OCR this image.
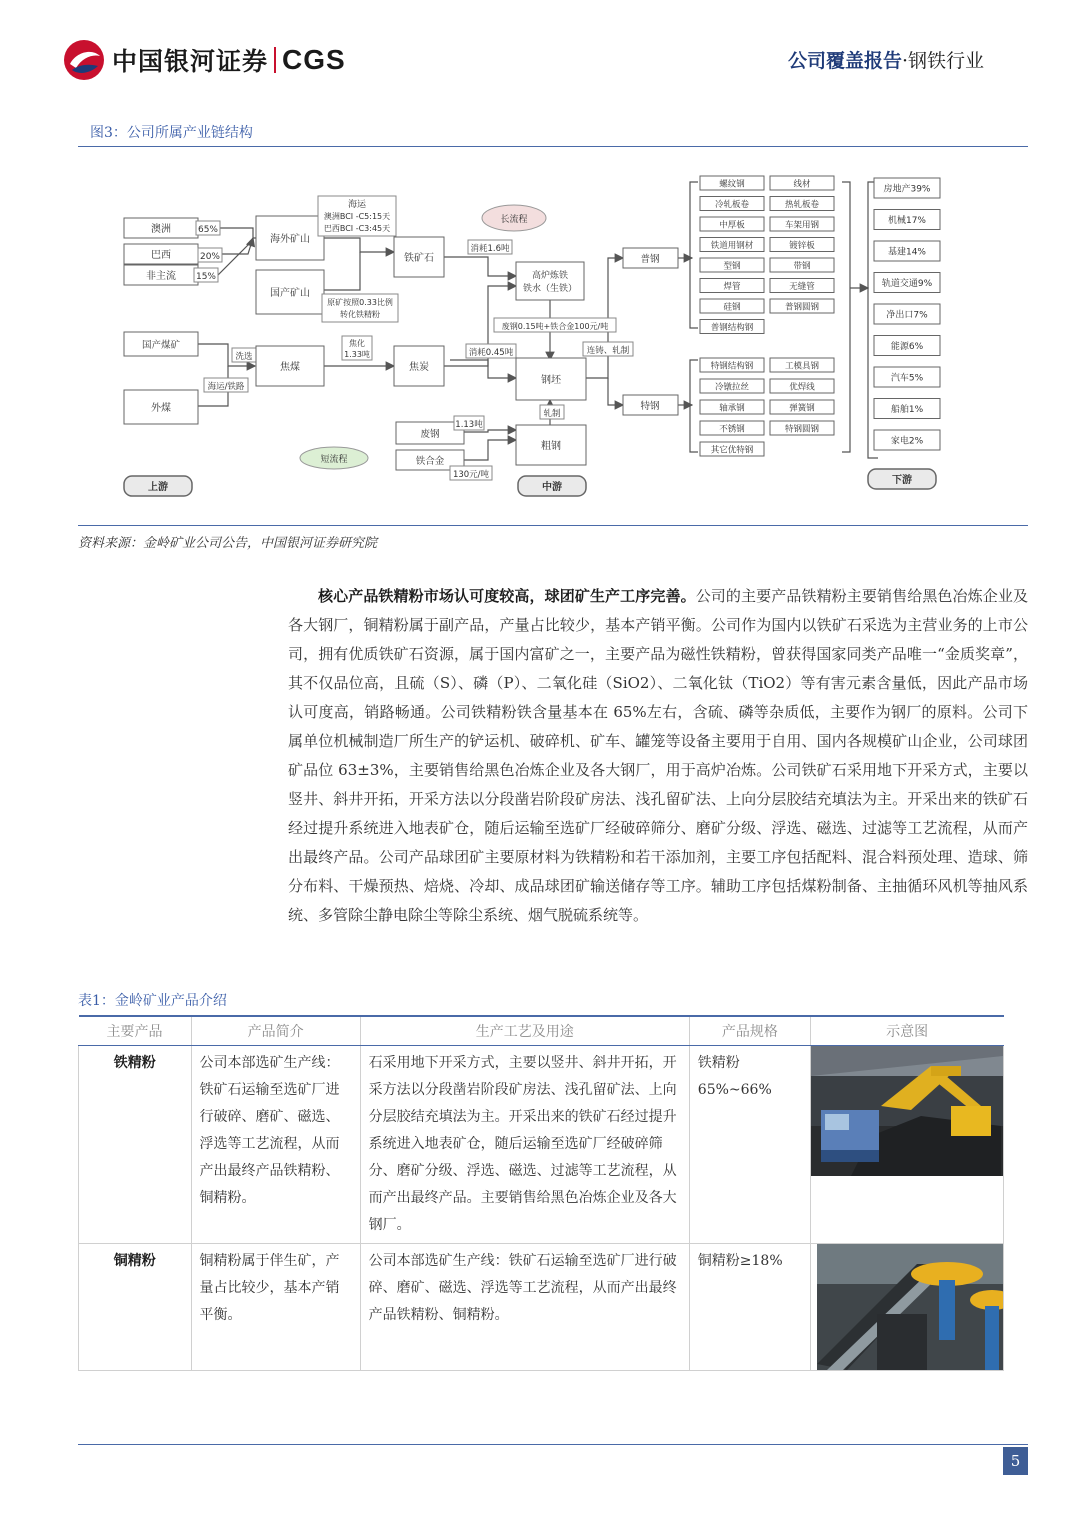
中国银河证券 CGS	公司覆盖报告·钢铁行业
图3：公司所属产业链结构
澳洲
巴西
非主流
65%
20%
15%
海外矿山
国产矿山
海运
澳洲BCI -C5:15天
巴西BCI -C3:45天
原矿按照0.33比例
转化铁精粉
铁矿石
消耗1.6吨
长流程
高炉炼铁
铁水（生铁）
废钢0.15吨+铁合金100元/吨
国产煤矿
外煤
洗选
海运/铁路
焦煤
焦化
1.33吨
焦炭
消耗0.45吨
钢坯
连铸、轧制
轧制
粗钢
废钢
1.13吨
铁合金
130元/吨
短流程
上游	中游
下游
普钢
特钢
螺纹钢	线材
冷轧板卷	热轧板卷
中厚板	车架用钢
铁道用钢材	镀锌板
型钢	带钢
焊管	无缝管
硅钢	普钢圆钢
普钢结构钢
特钢结构钢	工模具钢
冷镦拉丝	优焊线
轴承钢	弹簧钢
不锈钢	特钢圆钢
其它优特钢
房地产39%
机械17%
基建14%
轨道交通9%
净出口7%
能源6%
汽车5%
船舶1%
家电2%
资料来源：金岭矿业公司公告，中国银河证券研究院

核心产品铁精粉市场认可度较高，球团矿生产工序完善。公司的主要产品铁精粉主要销售给黑色冶炼企业及各大钢厂，铜精粉属于副产品，产量占比较少，基本产销平衡。公司作为国内以铁矿石采选为主营业务的上市公司，拥有优质铁矿石资源，属于国内富矿之一，主要产品为磁性铁精粉，曾获得国家同类产品唯一“金质奖章”，其不仅品位高，且硫（S）、磷（P）、二氧化硅（SiO2）、二氧化钛（TiO2）等有害元素含量低，因此产品市场认可度高，销路畅通。公司铁精粉铁含量基本在 65%左右，含硫、磷等杂质低，主要作为钢厂的原料。公司下属单位机械制造厂所生产的铲运机、破碎机、矿车、罐笼等设备主要用于自用、国内各规模矿山企业，公司球团矿品位 63±3%，主要销售给黑色冶炼企业及各大钢厂，用于高炉冶炼。公司铁矿石采用地下开采方式，主要以竖井、斜井开拓，开采方法以分段凿岩阶段矿房法、浅孔留矿法、上向分层胶结充填法为主。开采出来的铁矿石经过提升系统进入地表矿仓，随后运输至选矿厂经破碎筛分、磨矿分级、浮选、磁选、过滤等工艺流程，从而产出最终产品。公司产品球团矿主要原材料为铁精粉和若干添加剂，主要工序包括配料、混合料预处理、造球、筛分布料、干燥预热、焙烧、冷却、成品球团矿输送储存等工序。辅助工序包括煤粉制备、主抽循环风机等抽风系统、多管除尘静电除尘等除尘系统、烟气脱硫系统等。

表1：金岭矿业产品介绍
主要产品	产品简介	生产工艺及用途	产品规格	示意图
铁精粉	公司本部选矿生产线：铁矿石运输至选矿厂进行破碎、磨矿、磁选、浮选等工艺流程，从而产出最终产品铁精粉、铜精粉。	石采用地下开采方式，主要以竖井、斜井开拓，开采方法以分段凿岩阶段矿房法、浅孔留矿法、上向分层胶结充填法为主。开采出来的铁矿石经过提升系统进入地表矿仓，随后运输至选矿厂经破碎筛分、磨矿分级、浮选、磁选、过滤等工艺流程，从而产出最终产品。主要销售给黑色冶炼企业及各大钢厂。	铁精粉
65%~66%

铜精粉	铜精粉属于伴生矿，产量占比较少，基本产销平衡。	公司本部选矿生产线：铁矿石运输至选矿厂进行破碎、磨矿、磁选、浮选等工艺流程，从而产出最终产品铁精粉、铜精粉。	铜精粉≥18%

5
